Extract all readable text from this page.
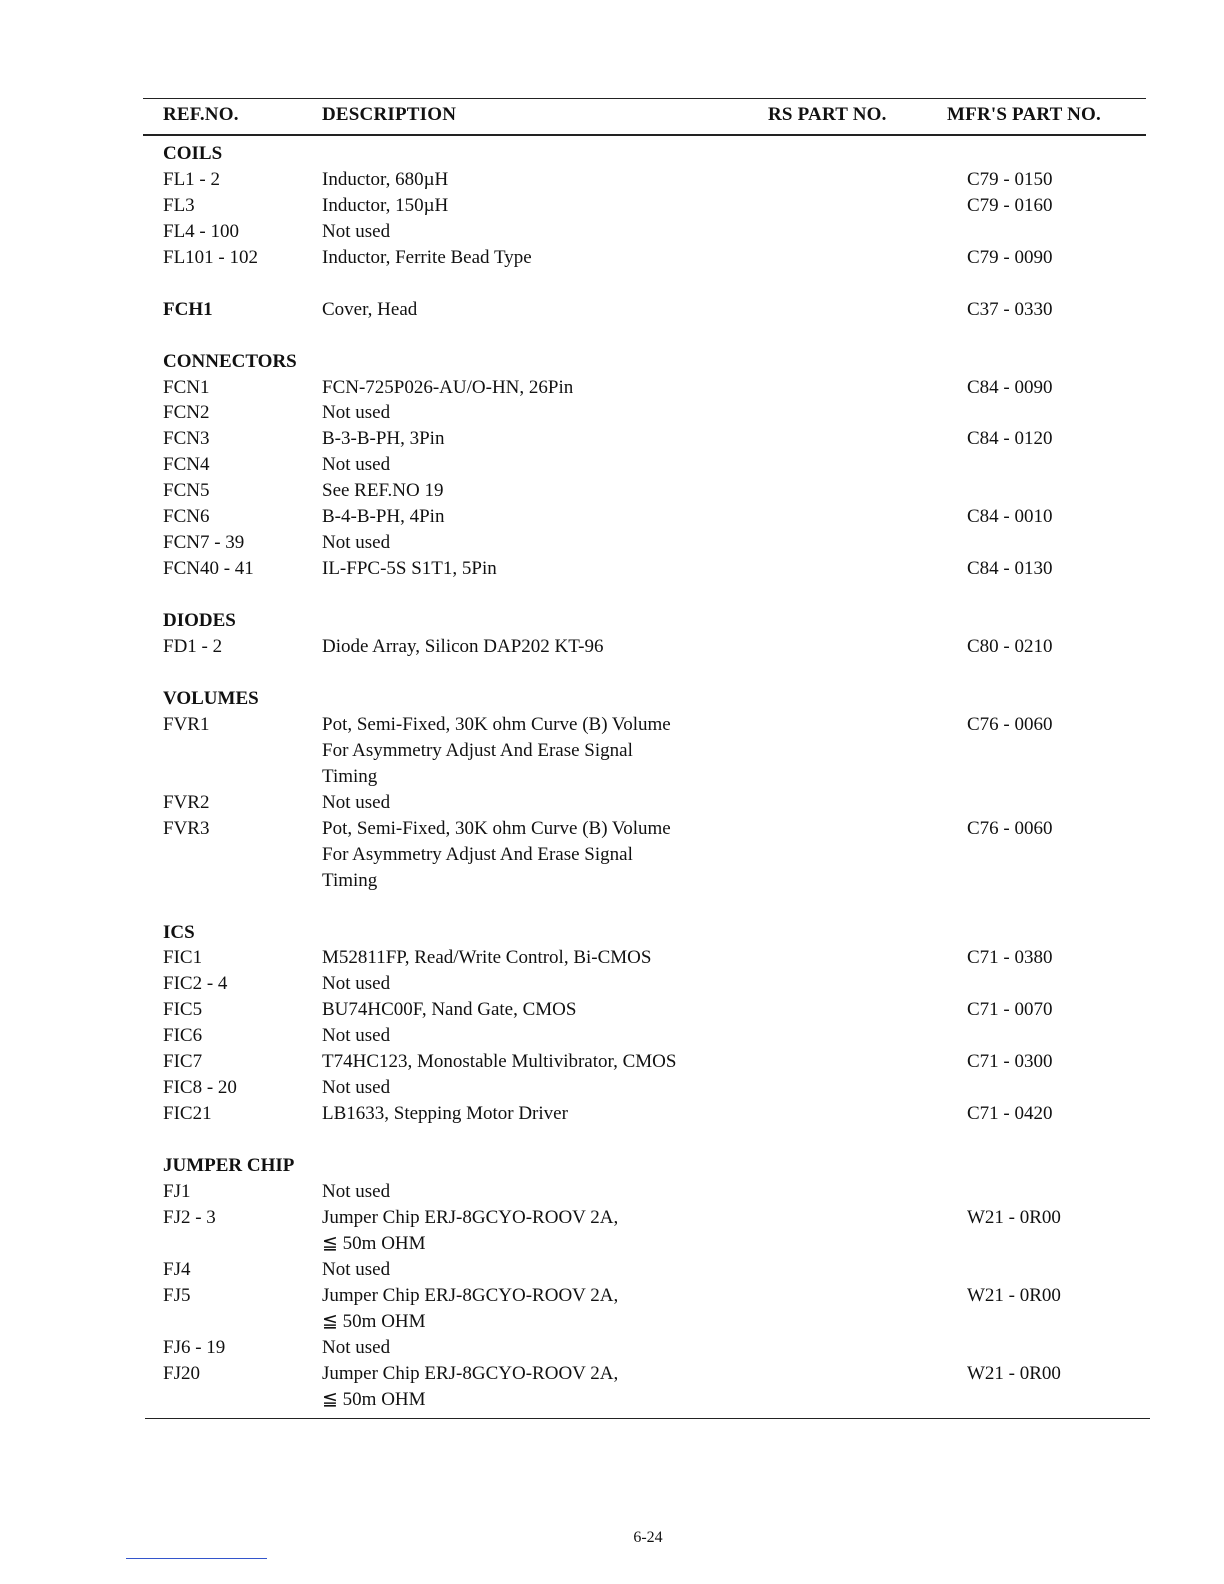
REF.NO.	DESCRIPTION	RS PART NO.	MFR'S PART NO.
COILS
FL1 - 2	Inductor, 680µH	C79 - 0150
FL3	Inductor, 150µH	C79 - 0160
FL4 - 100	Not used
FL101 - 102	Inductor, Ferrite Bead Type	C79 - 0090
FCH1	Cover, Head	C37 - 0330
CONNECTORS
FCN1	FCN-725P026-AU/O-HN, 26Pin	C84 - 0090
FCN2	Not used
FCN3	B-3-B-PH, 3Pin	C84 - 0120
FCN4	Not used
FCN5	See REF.NO 19
FCN6	B-4-B-PH, 4Pin	C84 - 0010
FCN7 - 39	Not used
FCN40 - 41	IL-FPC-5S S1T1, 5Pin	C84 - 0130
DIODES
FD1 - 2	Diode Array, Silicon DAP202 KT-96	C80 - 0210
VOLUMES
FVR1	Pot, Semi-Fixed, 30K ohm Curve (B) Volume	C76 - 0060
For Asymmetry Adjust And Erase Signal
Timing
FVR2	Not used
FVR3	Pot, Semi-Fixed, 30K ohm Curve (B) Volume	C76 - 0060
For Asymmetry Adjust And Erase Signal
Timing
ICS
FIC1	M52811FP, Read/Write Control, Bi-CMOS	C71 - 0380
FIC2 - 4	Not used
FIC5	BU74HC00F, Nand Gate, CMOS	C71 - 0070
FIC6	Not used
FIC7	T74HC123, Monostable Multivibrator, CMOS	C71 - 0300
FIC8 - 20	Not used
FIC21	LB1633, Stepping Motor Driver	C71 - 0420
JUMPER CHIP
FJ1	Not used
FJ2 - 3	Jumper Chip ERJ-8GCYO-ROOV 2A,	W21 - 0R00
≦ 50m OHM
FJ4	Not used
FJ5	Jumper Chip ERJ-8GCYO-ROOV 2A,	W21 - 0R00
≦ 50m OHM
FJ6 - 19	Not used
FJ20	Jumper Chip ERJ-8GCYO-ROOV 2A,	W21 - 0R00
≦ 50m OHM
6-24
